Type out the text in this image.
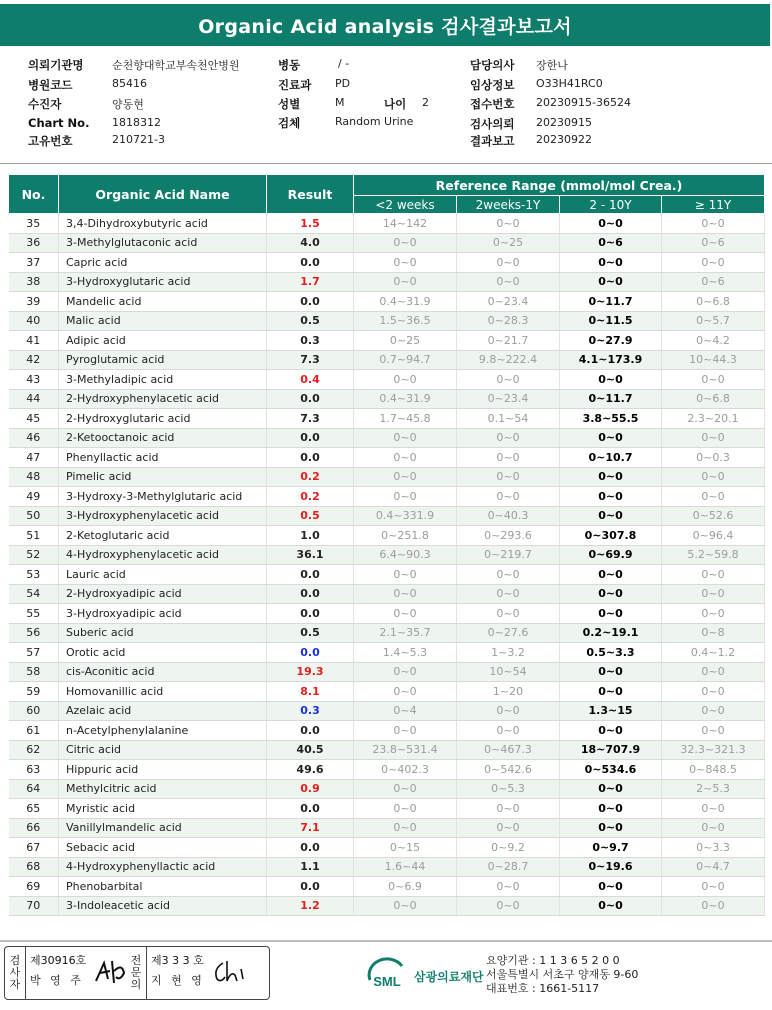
Organic Acid analysis 검사결과보고서
의뢰기관명	순천향대학교부속천안병원
병원코드	85416
수진자	양동현
Chart No. 1818312
고유번호	210721-3
병동	/ -
진료과 PD
성별	M	나이 2
검체	Random Urine
담당의사 장한나
임상정보 O33H41RC0
접수번호 20230915-36524
검사의뢰 20230915
결과보고 20230922
No.	Organic Acid Name	Result	Reference Range (mmol/mol Crea.)			
			<2 weeks	2weeks-1Y	2 - 10Y	≥ 11Y
35	3,4-Dihydroxybutyric acid	1.5	14~142	0~0	0~0	0~0
36	3-Methylglutaconic acid	4.0	0~0	0~25	0~6	0~6
37	Capric acid	0.0	0~0	0~0	0~0	0~0
38	3-Hydroxyglutaric acid	1.7	0~0	0~0	0~0	0~6
39	Mandelic acid	0.0	0.4~31.9	0~23.4	0~11.7	0~6.8
40	Malic acid	0.5	1.5~36.5	0~28.3	0~11.5	0~5.7
41	Adipic acid	0.3	0~25	0~21.7	0~27.9	0~4.2
42	Pyroglutamic acid	7.3	0.7~94.7	9.8~222.4	4.1~173.9	10~44.3
43	3-Methyladipic acid	0.4	0~0	0~0	0~0	0~0
44	2-Hydroxyphenylacetic acid	0.0	0.4~31.9	0~23.4	0~11.7	0~6.8
45	2-Hydroxyglutaric acid	7.3	1.7~45.8	0.1~54	3.8~55.5	2.3~20.1
46	2-Ketooctanoic acid	0.0	0~0	0~0	0~0	0~0
47	Phenyllactic acid	0.0	0~0	0~0	0~10.7	0~0.3
48	Pimelic acid	0.2	0~0	0~0	0~0	0~0
49	3-Hydroxy-3-Methylglutaric acid	0.2	0~0	0~0	0~0	0~0
50	3-Hydroxyphenylacetic acid	0.5	0.4~331.9	0~40.3	0~0	0~52.6
51	2-Ketoglutaric acid	1.0	0~251.8	0~293.6	0~307.8	0~96.4
52	4-Hydroxyphenylacetic acid	36.1	6.4~90.3	0~219.7	0~69.9	5.2~59.8
53	Lauric acid	0.0	0~0	0~0	0~0	0~0
54	2-Hydroxyadipic acid	0.0	0~0	0~0	0~0	0~0
55	3-Hydroxyadipic acid	0.0	0~0	0~0	0~0	0~0
56	Suberic acid	0.5	2.1~35.7	0~27.6	0.2~19.1	0~8
57	Orotic acid	0.0	1.4~5.3	1~3.2	0.5~3.3	0.4~1.2
58	cis-Aconitic acid	19.3	0~0	10~54	0~0	0~0
59	Homovanillic acid	8.1	0~0	1~20	0~0	0~0
60	Azelaic acid	0.3	0~4	0~0	1.3~15	0~0
61	n-Acetylphenylalanine	0.0	0~0	0~0	0~0	0~0
62	Citric acid	40.5	23.8~531.4	0~467.3	18~707.9	32.3~321.3
63	Hippuric acid	49.6	0~402.3	0~542.6	0~534.6	0~848.5
64	Methylcitric acid	0.9	0~0	0~5.3	0~0	2~5.3
65	Myristic acid	0.0	0~0	0~0	0~0	0~0
66	Vanillylmandelic acid	7.1	0~0	0~0	0~0	0~0
67	Sebacic acid	0.0	0~15	0~9.2	0~9.7	0~3.3
68	4-Hydroxyphenyllactic acid	1.1	1.6~44	0~28.7	0~19.6	0~4.7
69	Phenobarbital	0.0	0~6.9	0~0	0~0	0~0
70	3-Indoleacetic acid	1.2	0~0	0~0	0~0	0~0
검
사
자
제30916호
박 영 주
전
문
의
제3 3 3 호
지 현 영	SML 삼광의료재단
요양기관 : 1 1 3 6 5 2 0 0
서울특별시 서초구 양재동 9-60
대표번호 : 1661-5117
